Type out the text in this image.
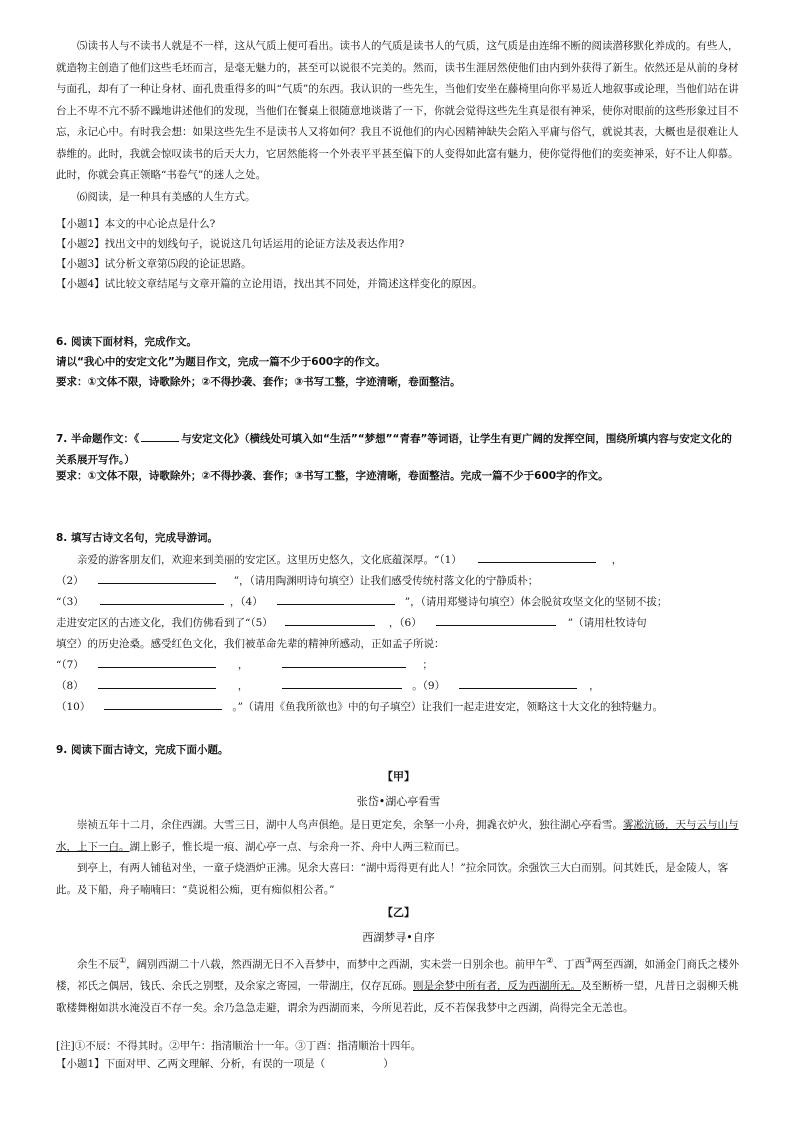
⑸读书人与不读书人就是不一样，这从气质上便可看出。读书人的气质是读书人的气质，这气质是由连绵不断的阅读潜移默化养成的。有些人，就造物主创造了他们这些毛坯而言，是毫无魅力的，甚至可以说很不完美的。然而，读书生涯居然使他们由内到外获得了新生。依然还是从前的身材与面孔，却有了一种让身材、面孔贵重得多的叫“气质”的东西。我认识的一些先生，当他们安坐在藤椅里向你平易近人地叙事或论理，当他们站在讲台上不卑不亢不骄不躁地讲述他们的发现，当他们在餐桌上很随意地谈谐了一下，你就会觉得这些先生真是很有神采，使你对眼前的这些形象过目不忘，永记心中。有时我会想：如果这些先生不是读书人又将如何？我且不说他们的内心因精神缺失会陷入平庸与俗气，就说其表，大概也是很难让人恭维的。此时，我就会惊叹读书的后天大力，它居然能将一个外表平平甚至偏下的人变得如此富有魅力，使你觉得他们的奕奕神采，好不让人仰慕。此时，你就会真正领略“书卷气”的迷人之处。

⑹阅读，是一种具有美感的人生方式。

【小题1】本文的中心论点是什么?
【小题2】找出文中的划线句子，说说这几句话运用的论证方法及表达作用?
【小题3】试分析文章第⑸段的论证思路。
【小题4】试比较文章结尾与文章开篇的立论用语，找出其不同处，并简述这样变化的原因。
6. 阅读下面材料，完成作文。
请以“我心中的安定文化”为题目作文，完成一篇不少于600字的作文。
要求：①文体不限，诗歌除外；②不得抄袭、套作；③书写工整，字迹清晰，卷面整洁。

7. 半命题作文：《	与安定文化》（横线处可填入如“生活”“梦想”“青春”等词语，让学生有更广阔的发挥空间，围绕所填内容与安定文化的关系展开写作。）

要求：①文体不限，诗歌除外；②不得抄袭、套作；③书写工整，字迹清晰，卷面整洁。完成一篇不少于600字的作文。
8. 填写古诗文名句，完成导游词。
亲爱的游客朋友们，欢迎来到美丽的安定区。这里历史悠久，文化底蕴深厚。“（1）	，
（2）	”，（请用陶渊明诗句填空）让我们感受传统村落文化的宁静质朴；
“（3）	，（4）	”，（请用郑燮诗句填空）体会脱贫攻坚文化的坚韧不拔；
走进安定区的古迹文化，我们仿佛看到了“（5）	，（6）	”（请用杜牧诗句
填空）的历史沧桑。感受红色文化，我们被革命先辈的精神所感动，正如孟子所说：
“（7）	，	；
（8）	，	。（9）	，
（10）	。”（请用《鱼我所欲也》中的句子填空）让我们一起走进安定，领略这十大文化的独特魅力。
9. 阅读下面古诗文，完成下面小题。

【甲】

张岱•湖心亭看雪

崇祯五年十二月，余住西湖。大雪三日，湖中人鸟声俱绝。是日更定矣，余拏一小舟，拥毳衣炉火，独往湖心亭看雪。雾凇沆砀，天与云与山与水，上下一白。湖上影子，惟长堤一痕、湖心亭一点、与余舟一芥、舟中人两三粒而已。

到亭上，有两人铺毡对坐，一童子烧酒炉正沸。见余大喜曰：“湖中焉得更有此人！”拉余同饮。余强饮三大白而别。问其姓氏，是金陵人，客此。及下船，舟子喃喃曰：“莫说相公痴，更有痴似相公者。”

【乙】

西湖梦寻•自序

余生不辰①，阔别西湖二十八载，然西湖无日不入吾梦中，而梦中之西湖，实未尝一日别余也。前甲午②、丁酉③两至西湖，如涌金门商氏之楼外楼，祁氏之偶居，钱氏、余氏之别墅，及余家之寄园，一带湖庄，仅存瓦砾。则是余梦中所有者，反为西湖所无。及至断桥一望，凡昔日之弱柳夭桃歌楼舞榭如洪水淹没百不存一矣。余乃急急走避，谓余为西湖而来，今所见若此，反不若保我梦中之西湖，尚得完全无恙也。

[注]①不辰：不得其时。②甲午：指清顺治十一年。③丁酉：指清顺治十四年。
【小题1】下面对甲、乙两文理解、分析，有误的一项是（	）
